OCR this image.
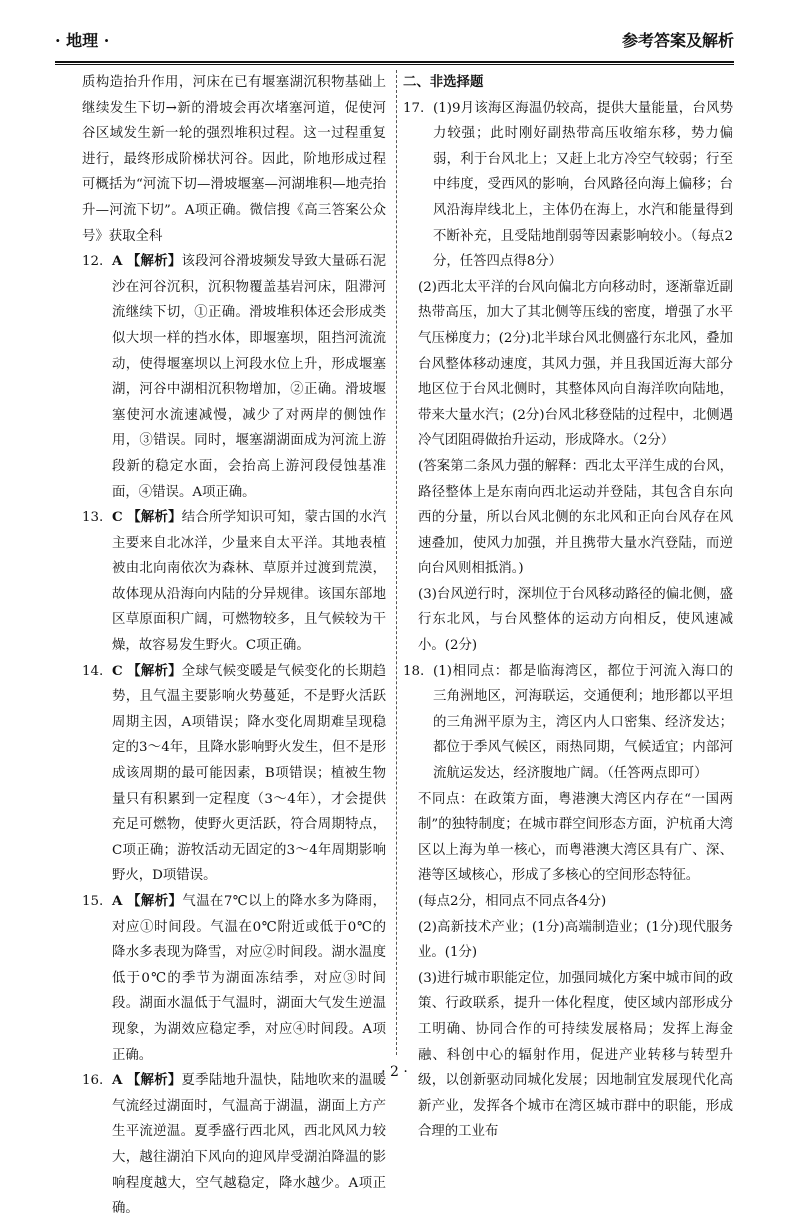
· 地理 ·	参考答案及解析

质构造抬升作用，河床在已有堰塞湖沉积物基础上继续发生下切→新的滑坡会再次堵塞河道，促使河谷区域发生新一轮的强烈堆积过程。这一过程重复进行，最终形成阶梯状河谷。因此，阶地形成过程可概括为“河流下切—滑坡堰塞—河湖堆积—地壳抬升—河流下切”。A项正确。微信搜《高三答案公众号》获取全科

12. A 【解析】该段河谷滑坡频发导致大量砾石泥沙在河谷沉积，沉积物覆盖基岩河床，阻滞河流继续下切，①正确。滑坡堆积体还会形成类似大坝一样的挡水体，即堰塞坝，阻挡河流流动，使得堰塞坝以上河段水位上升，形成堰塞湖，河谷中湖相沉积物增加，②正确。滑坡堰塞使河水流速减慢，减少了对两岸的侧蚀作用，③错误。同时，堰塞湖湖面成为河流上游段新的稳定水面，会抬高上游河段侵蚀基准面，④错误。A项正确。

13. C 【解析】结合所学知识可知，蒙古国的水汽主要来自北冰洋，少量来自太平洋。其地表植被由北向南依次为森林、草原并过渡到荒漠，故体现从沿海向内陆的分异规律。该国东部地区草原面积广阔，可燃物较多，且气候较为干燥，故容易发生野火。C项正确。

14. C 【解析】全球气候变暖是气候变化的长期趋势，且气温主要影响火势蔓延，不是野火活跃周期主因，A项错误；降水变化周期难呈现稳定的3～4年，且降水影响野火发生，但不是形成该周期的最可能因素，B项错误；植被生物量只有积累到一定程度（3～4年），才会提供充足可燃物，使野火更活跃，符合周期特点，C项正确；游牧活动无固定的3～4年周期影响野火，D项错误。

15. A 【解析】气温在7℃以上的降水多为降雨，对应①时间段。气温在0℃附近或低于0℃的降水多表现为降雪，对应②时间段。湖水温度低于0℃的季节为湖面冻结季，对应③时间段。湖面水温低于气温时，湖面大气发生逆温现象，为湖效应稳定季，对应④时间段。A项正确。

16. A 【解析】夏季陆地升温快，陆地吹来的温暖气流经过湖面时，气温高于湖温，湖面上方产生平流逆温。夏季盛行西北风，西北风风力较大，越往湖泊下风向的迎风岸受湖泊降温的影响程度越大，空气越稳定，降水越少。A项正确。

二、非选择题

17. (1)9月该海区海温仍较高，提供大量能量，台风势力较强；此时刚好副热带高压收缩东移，势力偏弱，利于台风北上；又赶上北方冷空气较弱；行至中纬度，受西风的影响，台风路径向海上偏移；台风沿海岸线北上，主体仍在海上，水汽和能量得到不断补充，且受陆地削弱等因素影响较小。（每点2分，任答四点得8分）

(2)西北太平洋的台风向偏北方向移动时，逐渐靠近副热带高压，加大了其北侧等压线的密度，增强了水平气压梯度力；(2分)北半球台风北侧盛行东北风，叠加台风整体移动速度，其风力强，并且我国近海大部分地区位于台风北侧时，其整体风向自海洋吹向陆地，带来大量水汽；(2分)台风北移登陆的过程中，北侧遇冷气团阻碍做抬升运动，形成降水。（2分）

(答案第二条风力强的解释：西北太平洋生成的台风，路径整体上是东南向西北运动并登陆，其包含自东向西的分量，所以台风北侧的东北风和正向台风存在风速叠加，使风力加强，并且携带大量水汽登陆，而逆向台风则相抵消。)

(3)台风逆行时，深圳位于台风移动路径的偏北侧，盛行东北风，与台风整体的运动方向相反，使风速减小。(2分)

18. (1)相同点：都是临海湾区，都位于河流入海口的三角洲地区，河海联运，交通便利；地形都以平坦的三角洲平原为主，湾区内人口密集、经济发达；都位于季风气候区，雨热同期，气候适宜；内部河流航运发达，经济腹地广阔。（任答两点即可）

不同点：在政策方面，粤港澳大湾区内存在“一国两制”的独特制度；在城市群空间形态方面，沪杭甬大湾区以上海为单一核心，而粤港澳大湾区具有广、深、港等区域核心，形成了多核心的空间形态特征。

(每点2分，相同点不同点各4分)

(2)高新技术产业；(1分)高端制造业；(1分)现代服务业。(1分)

(3)进行城市职能定位，加强同城化方案中城市间的政策、行政联系，提升一体化程度，使区域内部形成分工明确、协同合作的可持续发展格局；发挥上海金融、科创中心的辐射作用，促进产业转移与转型升级，以创新驱动同城化发展；因地制宜发展现代化高新产业，发挥各个城市在湾区城市群中的职能，形成合理的工业布

· 2 ·
